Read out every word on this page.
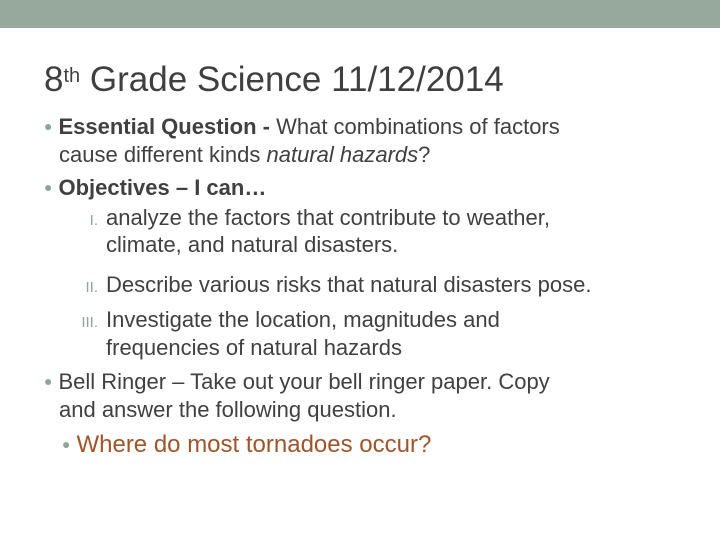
8th Grade Science 11/12/2014
● Essential Question - What combinations of factors
cause different kinds natural hazards?
● Objectives – I can…
I. analyze the factors that contribute to weather,
climate, and natural disasters.
II. Describe various risks that natural disasters pose.
III. Investigate the location, magnitudes and
frequencies of natural hazards
● Bell Ringer – Take out your bell ringer paper. Copy
and answer the following question.
● Where do most tornadoes occur?
